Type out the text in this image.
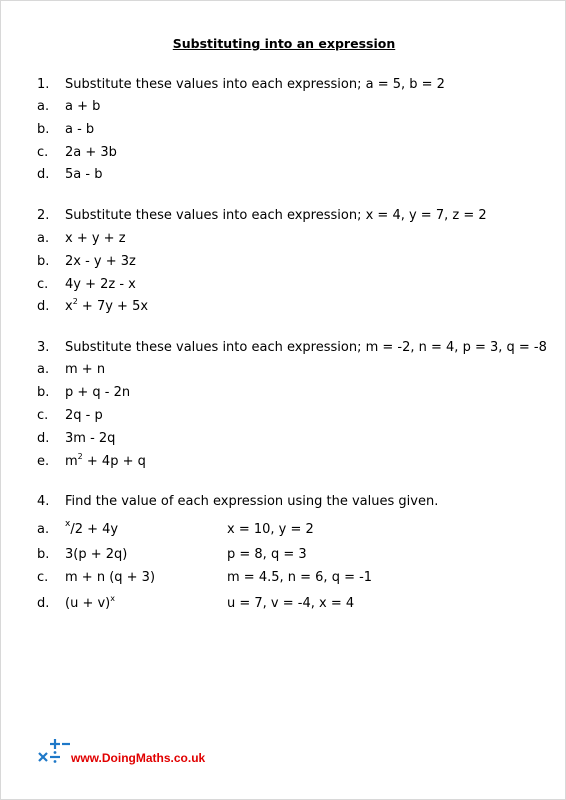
Substituting into an expression
1. Substitute these values into each expression; a = 5, b = 2
a. a + b
b. a - b
c. 2a + 3b
d. 5a - b
2. Substitute these values into each expression; x = 4, y = 7, z = 2
a. x + y + z
b. 2x - y + 3z
c. 4y + 2z - x
d. $x^2 + 7y + 5x$
3. Substitute these values into each expression; m = -2, n = 4, p = 3, q = -8
a. m + n
b. p + q - 2n
c. 2q - p
d. 3m - 2q
e. $m^2 + 4p + q$
4. Find the value of each expression using the values given.
a. $^x$/2 + 4y	x = 10, y = 2
b. 3(p + 2q)	p = 8, q = 3
c. m + n (q + 3)	m = 4.5, n = 6, q = -1
d. $(u + v)^x$	u = 7, v = -4, x = 4
www.DoingMaths.co.uk
